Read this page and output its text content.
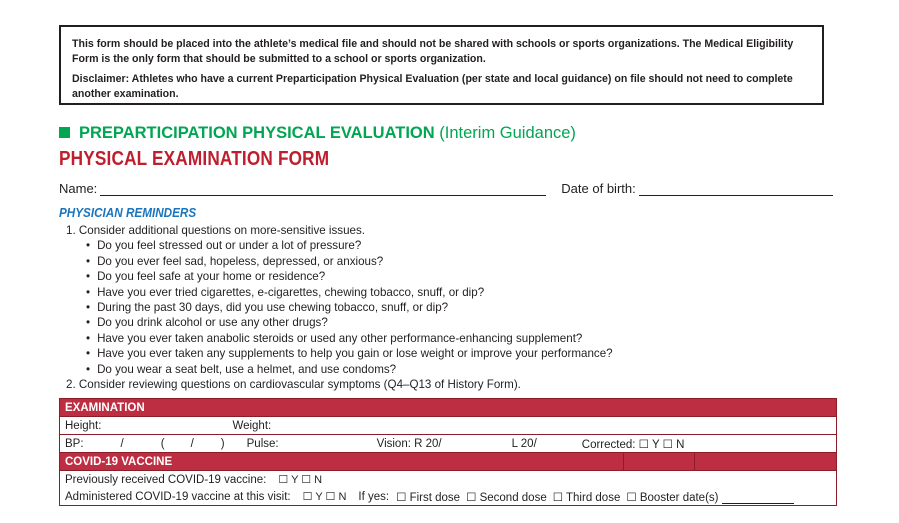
This form should be placed into the athlete’s medical file and should not be shared with schools or sports organizations. The Medical Eligibility Form is the only form that should be submitted to a school or sports organization.

Disclaimer: Athletes who have a current Preparticipation Physical Evaluation (per state and local guidance) on file should not need to complete another examination.

PREPARTICIPATION PHYSICAL EVALUATION (Interim Guidance)
PHYSICAL EXAMINATION FORM
Name:	Date of birth:
PHYSICIAN REMINDERS
1. Consider additional questions on more-sensitive issues.
• Do you feel stressed out or under a lot of pressure?
• Do you ever feel sad, hopeless, depressed, or anxious?
• Do you feel safe at your home or residence?
• Have you ever tried cigarettes, e-cigarettes, chewing tobacco, snuff, or dip?
• During the past 30 days, did you use chewing tobacco, snuff, or dip?
• Do you drink alcohol or use any other drugs?
• Have you ever taken anabolic steroids or used any other performance-enhancing supplement?
• Have you ever taken any supplements to help you gain or lose weight or improve your performance?
• Do you wear a seat belt, use a helmet, and use condoms?
2. Consider reviewing questions on cardiovascular symptoms (Q4–Q13 of History Form).
EXAMINATION

Height:	Weight:

BP:	/	( / ) Pulse:	Vision: R 20/	L 20/	Corrected: ☐ Y ☐ N

COVID-19 VACCINE		

Previously received COVID-19 vaccine: ☐ Y ☐ N

Administered COVID-19 vaccine at this visit: ☐ Y ☐ N If yes: ☐ First dose ☐ Second dose ☐ Third dose ☐ Booster date(s)
